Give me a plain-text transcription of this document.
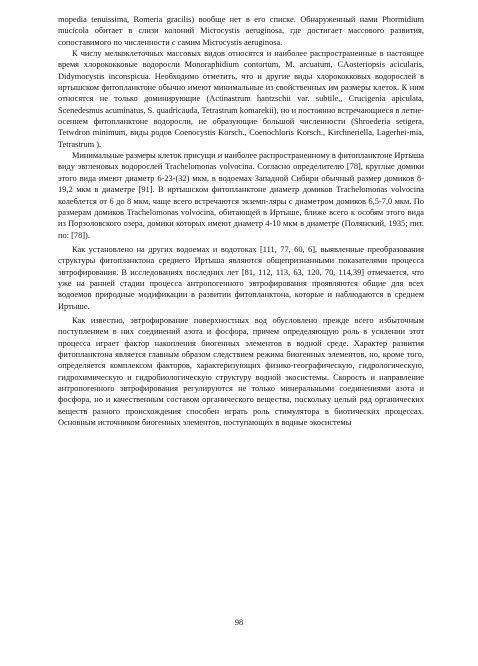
mopedia tenuissima, Romeria gracilis) вообще нет в его списке. Обнаруженный нами Phormidium mucicola обитает в слизи колоний Microcystis aeruginosa, где достигает массового развития, сопоставимого по численности с самим Microcystis aeruginosa.

К числу мелкоклеточных массовых видов относятся и наиболее распространенные в настоящее время хлорококковые водоросли Monoraphidium contortum, M. arcuatum, CAosteriopsis acicularis, Didymocystis inconspicua. Необходимо отметить, что и другие виды хлорококковых водорослей в иртышском фитопланктоне обычно имеют минимальные из свойственных им размеры клеток. К ним относятся не только доминирующие (Actinastrum hantzschii var. subtile,, Crucigenia apiculata, Scenedesmus acuminatus, S. quadricauda, Tetrastrum komarekii), но и постоянно встречающиеся в летне-осеннем фитопланктоне водоросли, не образующие большой численности (Shroederia setigera, Tetwdron minimum, виды родов Coenocystis Korsch., Coenochloris Korsch., Kirchneriella, Lagerhei-mia, Tetrastrum ).

Минимальные размеры клеток присущи и наиболее распространенному в фитопланктоне Иртыша виду эвгленовых водорослей Trachelomonas volvocina. Согласно определителю [78], круглые домики этого вида имеют диаметр 6-23-(32) мкм, в водоемах Западной Сибири обычный размер домиков 8-19,2 мкм в диаметре [91]. В иртышском фитопланктоне диаметр домиков Trachelomonas volvocina колеблется от 6 до 8 мкм, чаще всего встречаются экземп-ляры с диаметром домиков 6,5-7,0 мкм. По размерам домиков Trachelomonas volvocina, обитающей в Иртыше, ближе всего к особям этого вида из Порзоловского озера, домики которых имеют диаметр 4-10 мкм в диаметре (Полянский, 1935; пит. по: [78]).

Как установлено на других водоемах и водотоках [111, 77, 60, 6], выявленные преобразования структуры фитопланктона среднего Иртыша являются общепризнанными показателями процесса эвтрофирования. В исследованиях последних лет [81, 112, 113, 63, 120, 70, 114,39] отмечается, что уже на ранней стадии процесса антропогенного эвтрофирования проявляются общие для всех водоемов природные модификации в развитии фитопланктона, которые и наблюдаются в среднем Иртыше.

Как известно, эвтрофирование поверхностных вод обусловлено прежде всего избыточным поступлением в них соединений азота и фосфора, причем определяющую роль в усилении этот процесса играет фактор накопления биогенных элементов в водной среде. Характер развития фитопланктона является главным образом следствием режима биогенных элементов, но, кроме того, определяется комплексом факторов, характеризующих физико-географическую, гидрологическую, гидрохимическую и гидробиологическую структуру водной экосистемы. Скорость и направление антропогенного эвтрофирования регулируются не только минеральными соединениями азота и фосфора, но и качественным составом органического вещества, поскольку целый ряд органических веществ разного происхождения способен играть роль стимулятора в биотических процессах. Основным источником биогенных элементов, поступающих в водные экосистемы

98
